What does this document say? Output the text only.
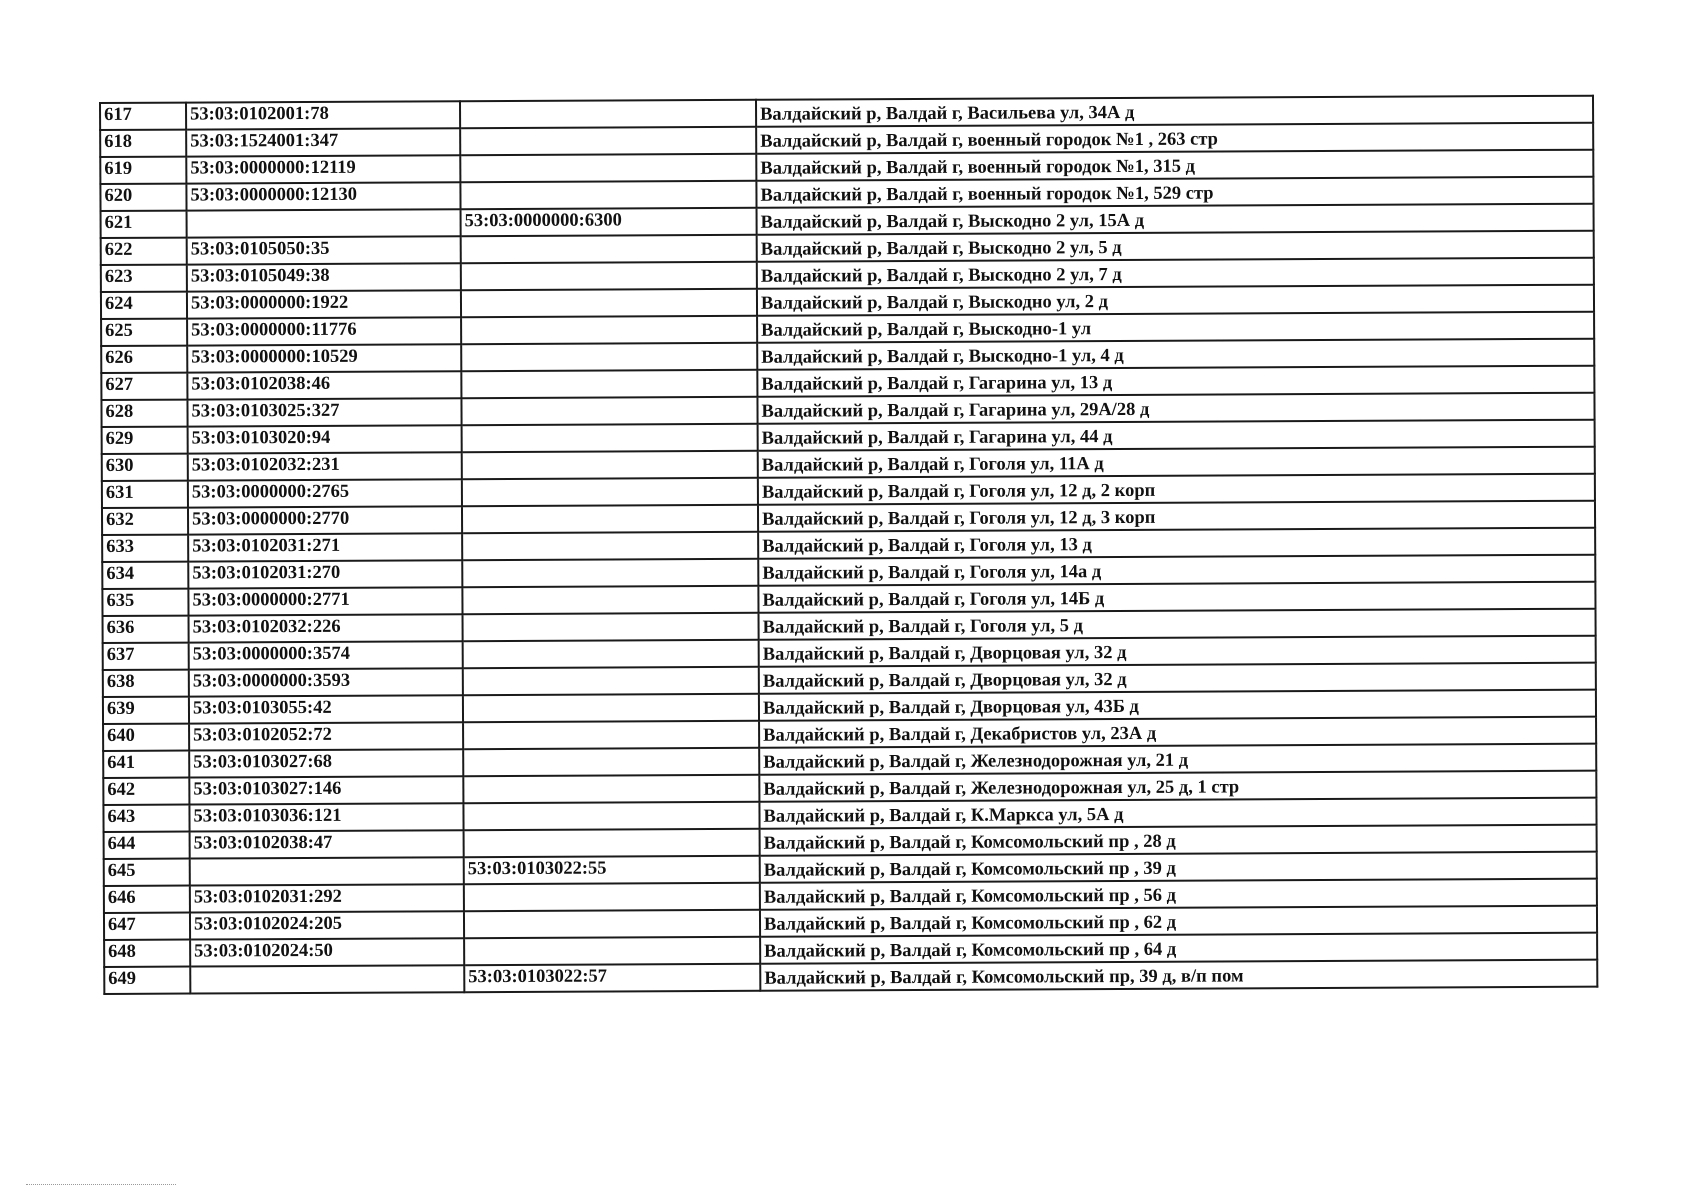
617	53:03:0102001:78		Валдайский р, Валдай г, Васильева ул, 34А д
618	53:03:1524001:347		Валдайский р, Валдай г, военный городок №1 , 263 стр
619	53:03:0000000:12119		Валдайский р, Валдай г, военный городок №1, 315 д
620	53:03:0000000:12130		Валдайский р, Валдай г, военный городок №1, 529 стр
621		53:03:0000000:6300	Валдайский р, Валдай г, Выскодно 2 ул, 15А д
622	53:03:0105050:35		Валдайский р, Валдай г, Выскодно 2 ул, 5 д
623	53:03:0105049:38		Валдайский р, Валдай г, Выскодно 2 ул, 7 д
624	53:03:0000000:1922		Валдайский р, Валдай г, Выскодно ул, 2 д
625	53:03:0000000:11776		Валдайский р, Валдай г, Выскодно-1 ул
626	53:03:0000000:10529		Валдайский р, Валдай г, Выскодно-1 ул, 4 д
627	53:03:0102038:46		Валдайский р, Валдай г, Гагарина ул, 13 д
628	53:03:0103025:327		Валдайский р, Валдай г, Гагарина ул, 29А/28 д
629	53:03:0103020:94		Валдайский р, Валдай г, Гагарина ул, 44 д
630	53:03:0102032:231		Валдайский р, Валдай г, Гоголя ул, 11А д
631	53:03:0000000:2765		Валдайский р, Валдай г, Гоголя ул, 12 д, 2 корп
632	53:03:0000000:2770		Валдайский р, Валдай г, Гоголя ул, 12 д, 3 корп
633	53:03:0102031:271		Валдайский р, Валдай г, Гоголя ул, 13 д
634	53:03:0102031:270		Валдайский р, Валдай г, Гоголя ул, 14а д
635	53:03:0000000:2771		Валдайский р, Валдай г, Гоголя ул, 14Б д
636	53:03:0102032:226		Валдайский р, Валдай г, Гоголя ул, 5 д
637	53:03:0000000:3574		Валдайский р, Валдай г, Дворцовая ул, 32 д
638	53:03:0000000:3593		Валдайский р, Валдай г, Дворцовая ул, 32 д
639	53:03:0103055:42		Валдайский р, Валдай г, Дворцовая ул, 43Б д
640	53:03:0102052:72		Валдайский р, Валдай г, Декабристов ул, 23А д
641	53:03:0103027:68		Валдайский р, Валдай г, Железнодорожная ул, 21 д
642	53:03:0103027:146		Валдайский р, Валдай г, Железнодорожная ул, 25 д, 1 стр
643	53:03:0103036:121		Валдайский р, Валдай г, К.Маркса ул, 5А д
644	53:03:0102038:47		Валдайский р, Валдай г, Комсомольский пр , 28 д
645		53:03:0103022:55	Валдайский р, Валдай г, Комсомольский пр , 39 д
646	53:03:0102031:292		Валдайский р, Валдай г, Комсомольский пр , 56 д
647	53:03:0102024:205		Валдайский р, Валдай г, Комсомольский пр , 62 д
648	53:03:0102024:50		Валдайский р, Валдай г, Комсомольский пр , 64 д
649		53:03:0103022:57	Валдайский р, Валдай г, Комсомольский пр, 39 д, в/п пом
